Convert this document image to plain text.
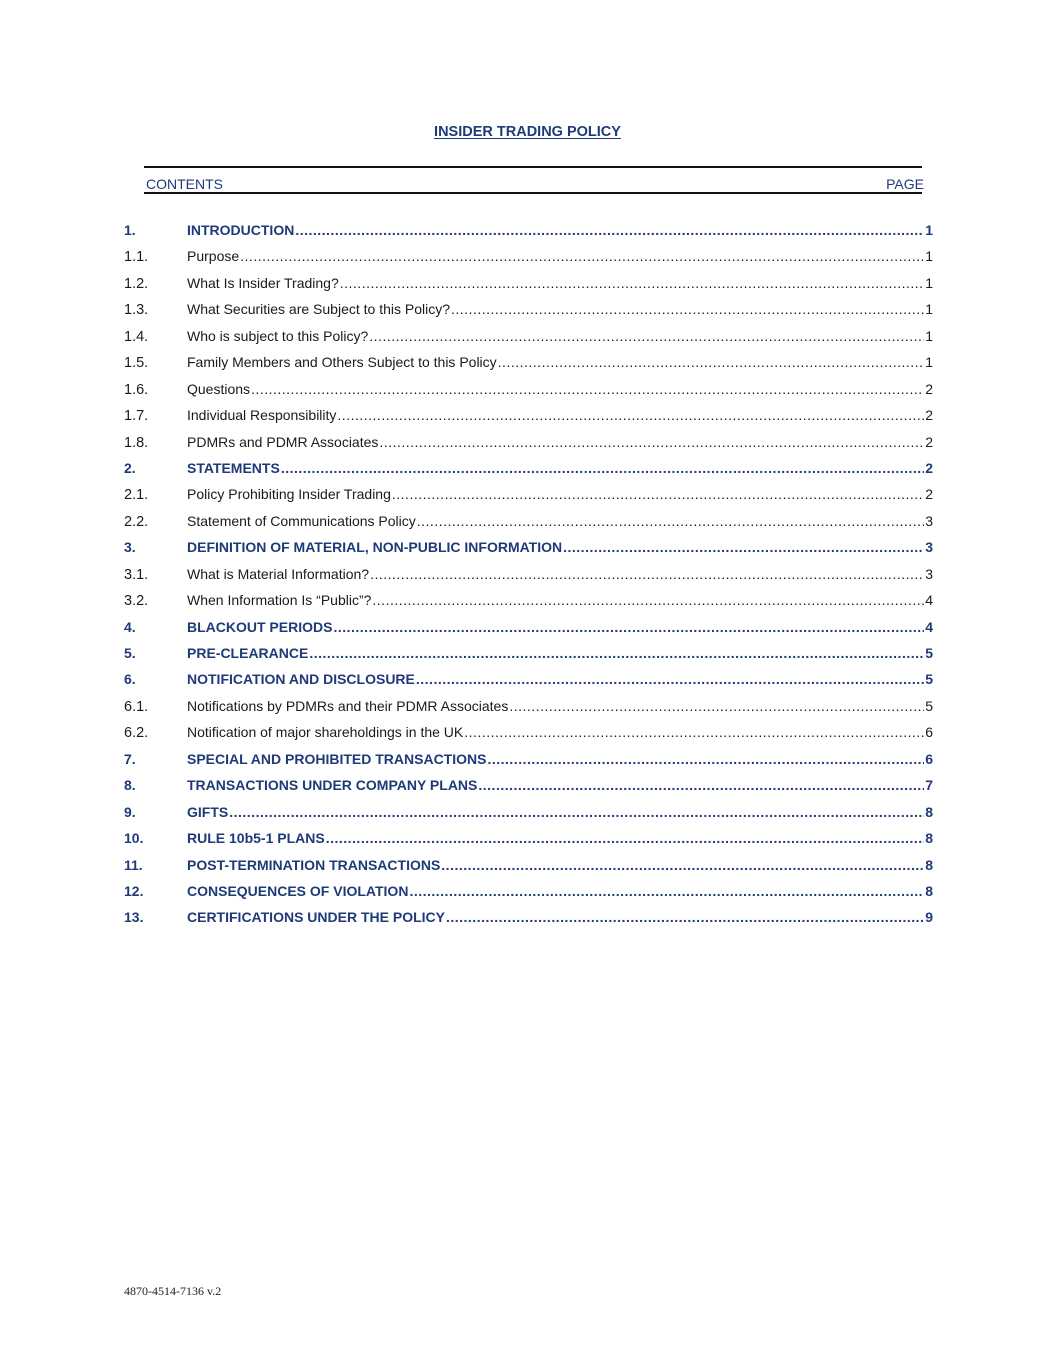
INSIDER TRADING POLICY
CONTENTS	PAGE
1.	INTRODUCTION .....	1
1.1.	Purpose .....	1
1.2.	What Is Insider Trading? .....	1
1.3.	What Securities are Subject to this Policy? .....	1
1.4.	Who is subject to this Policy? .....	1
1.5.	Family Members and Others Subject to this Policy .....	1
1.6.	Questions .....	2
1.7.	Individual Responsibility .....	2
1.8.	PDMRs and PDMR Associates .....	2
2.	STATEMENTS .....	2
2.1.	Policy Prohibiting Insider Trading .....	2
2.2.	Statement of Communications Policy .....	3
3.	DEFINITION OF MATERIAL, NON-PUBLIC INFORMATION .....	3
3.1.	What is Material Information? .....	3
3.2.	When Information Is “Public”? .....	4
4.	BLACKOUT PERIODS .....	4
5.	PRE-CLEARANCE .....	5
6.	NOTIFICATION AND DISCLOSURE .....	5
6.1.	Notifications by PDMRs and their PDMR Associates .....	5
6.2.	Notification of major shareholdings in the UK .....	6
7.	SPECIAL AND PROHIBITED TRANSACTIONS .....	6
8.	TRANSACTIONS UNDER COMPANY PLANS .....	7
9.	GIFTS .....	8
10.	RULE 10b5-1 PLANS .....	8
11.	POST-TERMINATION TRANSACTIONS .....	8
12.	CONSEQUENCES OF VIOLATION .....	8
13.	CERTIFICATIONS UNDER THE POLICY .....	9
4870-4514-7136 v.2
